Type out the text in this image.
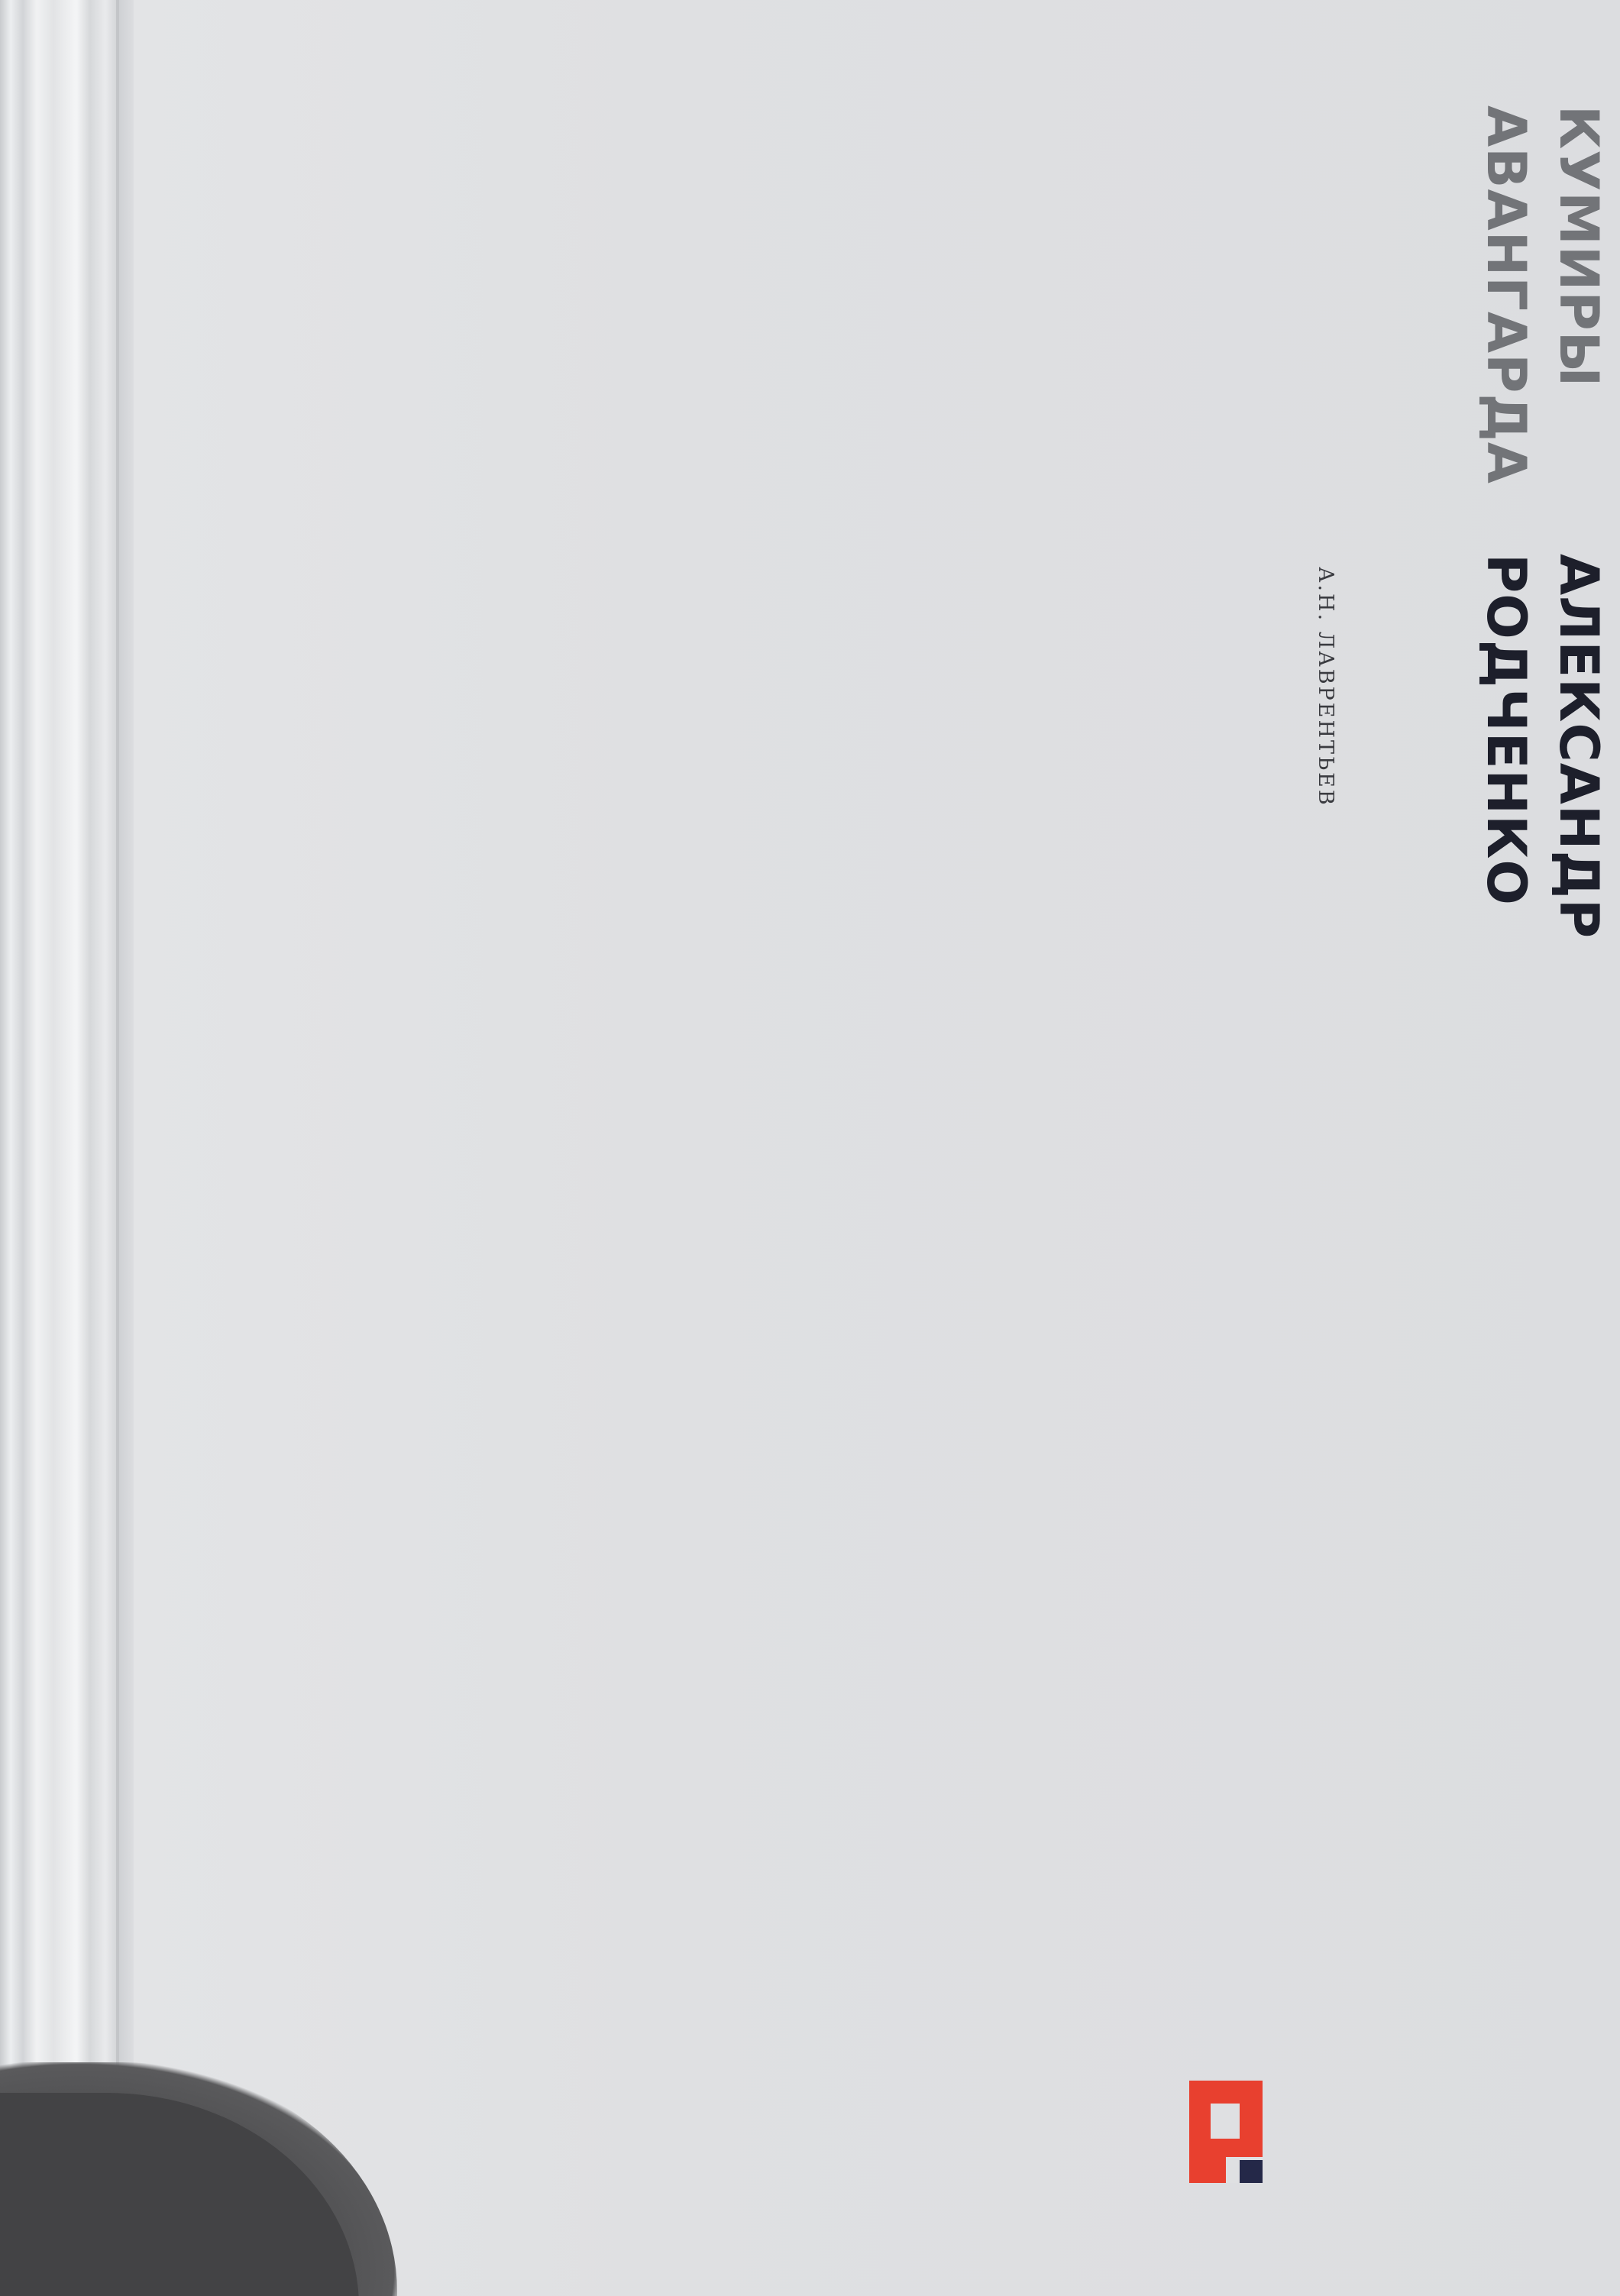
КУМИРЫ
АВАНГАРДА
АЛЕКСАНДР
РОДЧЕНКО
А.Н. ЛАВРЕНТЬЕВ
